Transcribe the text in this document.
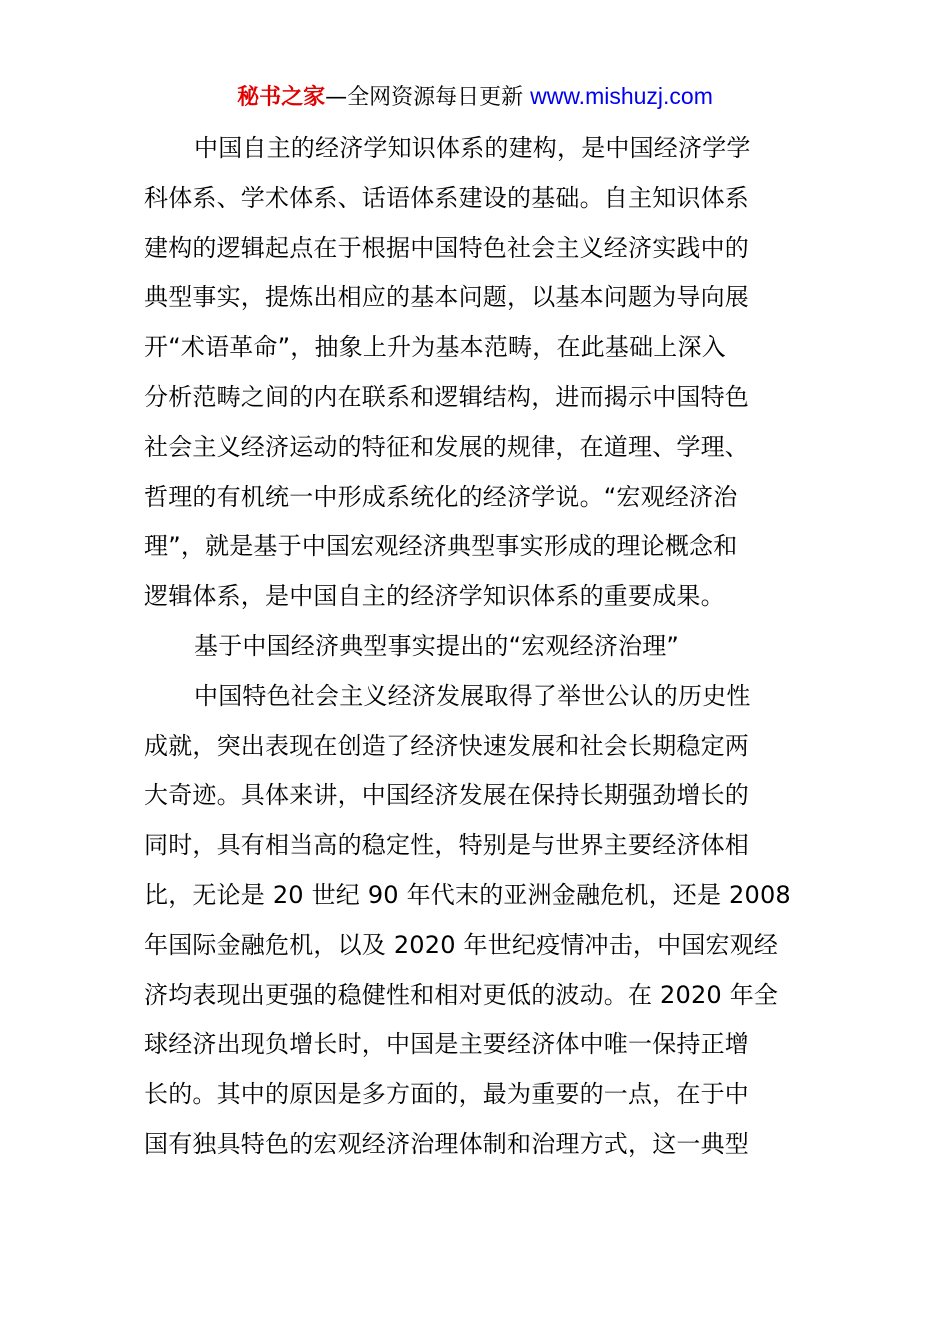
秘书之家—全网资源每日更新 www.mishuzj.com
中国自主的经济学知识体系的建构，是中国经济学学
科体系、学术体系、话语体系建设的基础。自主知识体系
建构的逻辑起点在于根据中国特色社会主义经济实践中的
典型事实，提炼出相应的基本问题，以基本问题为导向展
开“术语革命”，抽象上升为基本范畴，在此基础上深入
分析范畴之间的内在联系和逻辑结构，进而揭示中国特色
社会主义经济运动的特征和发展的规律，在道理、学理、
哲理的有机统一中形成系统化的经济学说。“宏观经济治
理”，就是基于中国宏观经济典型事实形成的理论概念和
逻辑体系，是中国自主的经济学知识体系的重要成果。
基于中国经济典型事实提出的“宏观经济治理”
中国特色社会主义经济发展取得了举世公认的历史性
成就，突出表现在创造了经济快速发展和社会长期稳定两
大奇迹。具体来讲，中国经济发展在保持长期强劲增长的
同时，具有相当高的稳定性，特别是与世界主要经济体相
比，无论是 20 世纪 90 年代末的亚洲金融危机，还是 2008
年国际金融危机，以及 2020 年世纪疫情冲击，中国宏观经
济均表现出更强的稳健性和相对更低的波动。在 2020 年全
球经济出现负增长时，中国是主要经济体中唯一保持正增
长的。其中的原因是多方面的，最为重要的一点，在于中
国有独具特色的宏观经济治理体制和治理方式，这一典型
